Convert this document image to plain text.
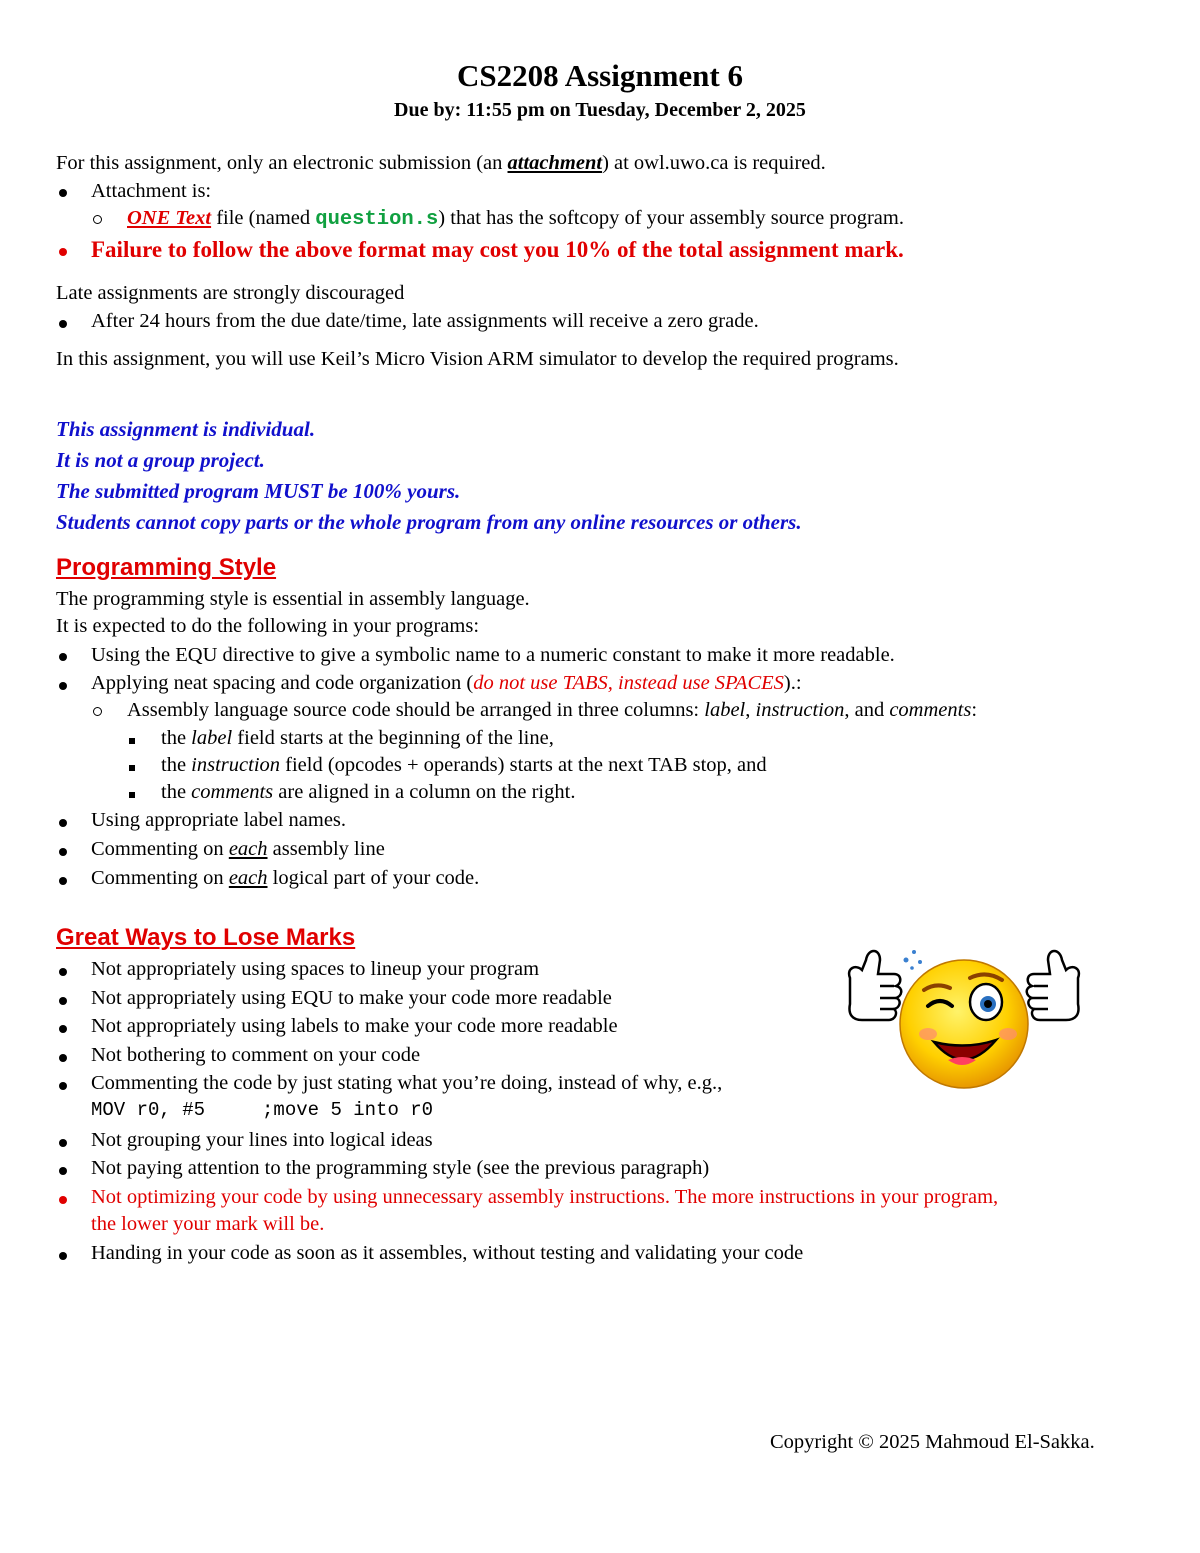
CS2208 Assignment 6
Due by: 11:55 pm on Tuesday, December 2, 2025
For this assignment, only an electronic submission (an attachment) at owl.uwo.ca is required.
Attachment is:
ONE Text file (named question.s) that has the softcopy of your assembly source program.
Failure to follow the above format may cost you 10% of the total assignment mark.
Late assignments are strongly discouraged
After 24 hours from the due date/time, late assignments will receive a zero grade.
In this assignment, you will use Keil’s Micro Vision ARM simulator to develop the required programs.
This assignment is individual.
It is not a group project.
The submitted program MUST be 100% yours.
Students cannot copy parts or the whole program from any online resources or others.
Programming Style
The programming style is essential in assembly language.
It is expected to do the following in your programs:
Using the EQU directive to give a symbolic name to a numeric constant to make it more readable.
Applying neat spacing and code organization (do not use TABS, instead use SPACES).:
Assembly language source code should be arranged in three columns: label, instruction, and comments:
the label field starts at the beginning of the line,
the instruction field (opcodes + operands) starts at the next TAB stop, and
the comments are aligned in a column on the right.
Using appropriate label names.
Commenting on each assembly line
Commenting on each logical part of your code.
Great Ways to Lose Marks
Not appropriately using spaces to lineup your program
Not appropriately using EQU to make your code more readable
Not appropriately using labels to make your code more readable
Not bothering to comment on your code
Commenting the code by just stating what you’re doing, instead of why, e.g.,
MOV r0, #5     ;move 5 into r0
Not grouping your lines into logical ideas
Not paying attention to the programming style (see the previous paragraph)
Not optimizing your code by using unnecessary assembly instructions. The more instructions in your program,
the lower your mark will be.
Handing in your code as soon as it assembles, without testing and validating your code
Copyright © 2025 Mahmoud El-Sakka.
